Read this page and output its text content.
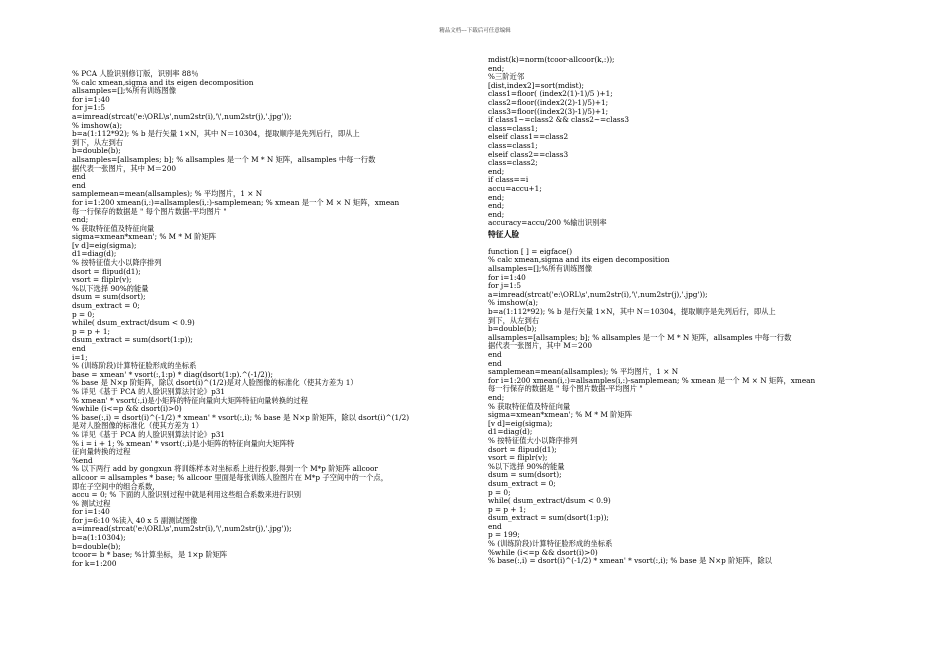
精品文档---下载后可任意编辑
% PCA 人脸识别修订版，识别率 88％
% calc xmean,sigma and its eigen decomposition
allsamples=[];%所有训练图像
for i=1:40
for j=1:5
a=imread(strcat('e:\ORL\s',num2str(i),'\',num2str(j),'.jpg'));
% imshow(a);
b=a(1:112*92); % b 是行矢量 1×N，其中 N＝10304，提取顺序是先列后行，即从上
到下，从左到右
b=double(b);
allsamples=[allsamples; b]; % allsamples 是一个 M * N 矩阵，allsamples 中每一行数
据代表一张图片，其中 M＝200
end
end
samplemean=mean(allsamples); % 平均图片，1 × N
for i=1:200 xmean(i,:)=allsamples(i,:)-samplemean; % xmean 是一个 M × N 矩阵，xmean
每一行保存的数据是 " 每个图片数据-平均图片 "
end;
% 获取特征值及特征向量
sigma=xmean*xmean'; % M * M 阶矩阵
[v d]=eig(sigma);
d1=diag(d);
% 按特征值大小以降序排列
dsort = flipud(d1);
vsort = fliplr(v);
%以下选择 90%的能量
dsum = sum(dsort);
dsum_extract = 0;
p = 0;
while( dsum_extract/dsum < 0.9)
p = p + 1;
dsum_extract = sum(dsort(1:p));
end
i=1;
% (训练阶段)计算特征脸形成的坐标系
base = xmean' * vsort(:,1:p) * diag(dsort(1:p).^(-1/2));
% base 是 N×p 阶矩阵，除以 dsort(i)^(1/2)是对人脸图像的标准化（使其方差为 1）
% 详见《基于 PCA 的人脸识别算法讨论》p31
% xmean' * vsort(:,i)是小矩阵的特征向量向大矩阵特征向量转换的过程
%while (i<=p && dsort(i)>0)
% base(:,i) = dsort(i)^(-1/2) * xmean' * vsort(:,i); % base 是 N×p 阶矩阵，除以 dsort(i)^(1/2)
是对人脸图像的标准化（使其方差为 1）
% 详见《基于 PCA 的人脸识别算法讨论》p31
% i = i + 1; % xmean' * vsort(:,i)是小矩阵的特征向量向大矩阵特
征向量转换的过程
%end
% 以下两行 add by gongxun 将训练样本对坐标系上进行投影,得到一个 M*p 阶矩阵 allcoor
allcoor = allsamples * base; % allcoor 里面是每张训练人脸图片在 M*p 子空间中的一个点，
即在子空间中的组合系数，
accu = 0; % 下面的人脸识别过程中就是利用这些组合系数来进行识别
% 测试过程
for i=1:40
for j=6:10 %读入 40 x 5 副测试图像
a=imread(strcat('e:\ORL\s',num2str(i),'\',num2str(j),'.jpg'));
b=a(1:10304);
b=double(b);
tcoor= b * base; %计算坐标，是 1×p 阶矩阵
for k=1:200
mdist(k)=norm(tcoor-allcoor(k,:));
end;
%三阶近邻
[dist,index2]=sort(mdist);
class1=floor( (index2(1)-1)/5 )+1;
class2=floor((index2(2)-1)/5)+1;
class3=floor((index2(3)-1)/5)+1;
if class1~=class2 && class2~=class3
class=class1;
elseif class1==class2
class=class1;
elseif class2==class3
class=class2;
end;
if class==i
accu=accu+1;
end;
end;
end;
accuracy=accu/200 %输出识别率
特征人脸
function [ ] = eigface()
% calc xmean,sigma and its eigen decomposition
allsamples=[];%所有训练图像
for i=1:40
for j=1:5
a=imread(strcat('e:\ORL\s',num2str(i),'\',num2str(j),'.jpg'));
% imshow(a);
b=a(1:112*92); % b 是行矢量 1×N，其中 N＝10304，提取顺序是先列后行，即从上
到下，从左到右
b=double(b);
allsamples=[allsamples; b]; % allsamples 是一个 M * N 矩阵，allsamples 中每一行数
据代表一张图片，其中 M＝200
end
end
samplemean=mean(allsamples); % 平均图片，1 × N
for i=1:200 xmean(i,:)=allsamples(i,:)-samplemean; % xmean 是一个 M × N 矩阵，xmean
每一行保存的数据是 " 每个图片数据-平均图片 "
end;
% 获取特征值及特征向量
sigma=xmean*xmean'; % M * M 阶矩阵
[v d]=eig(sigma);
d1=diag(d);
% 按特征值大小以降序排列
dsort = flipud(d1);
vsort = fliplr(v);
%以下选择 90%的能量
dsum = sum(dsort);
dsum_extract = 0;
p = 0;
while( dsum_extract/dsum < 0.9)
p = p + 1;
dsum_extract = sum(dsort(1:p));
end
p = 199;
% (训练阶段)计算特征脸形成的坐标系
%while (i<=p && dsort(i)>0)
% base(:,i) = dsort(i)^(-1/2) * xmean' * vsort(:,i); % base 是 N×p 阶矩阵，除以
